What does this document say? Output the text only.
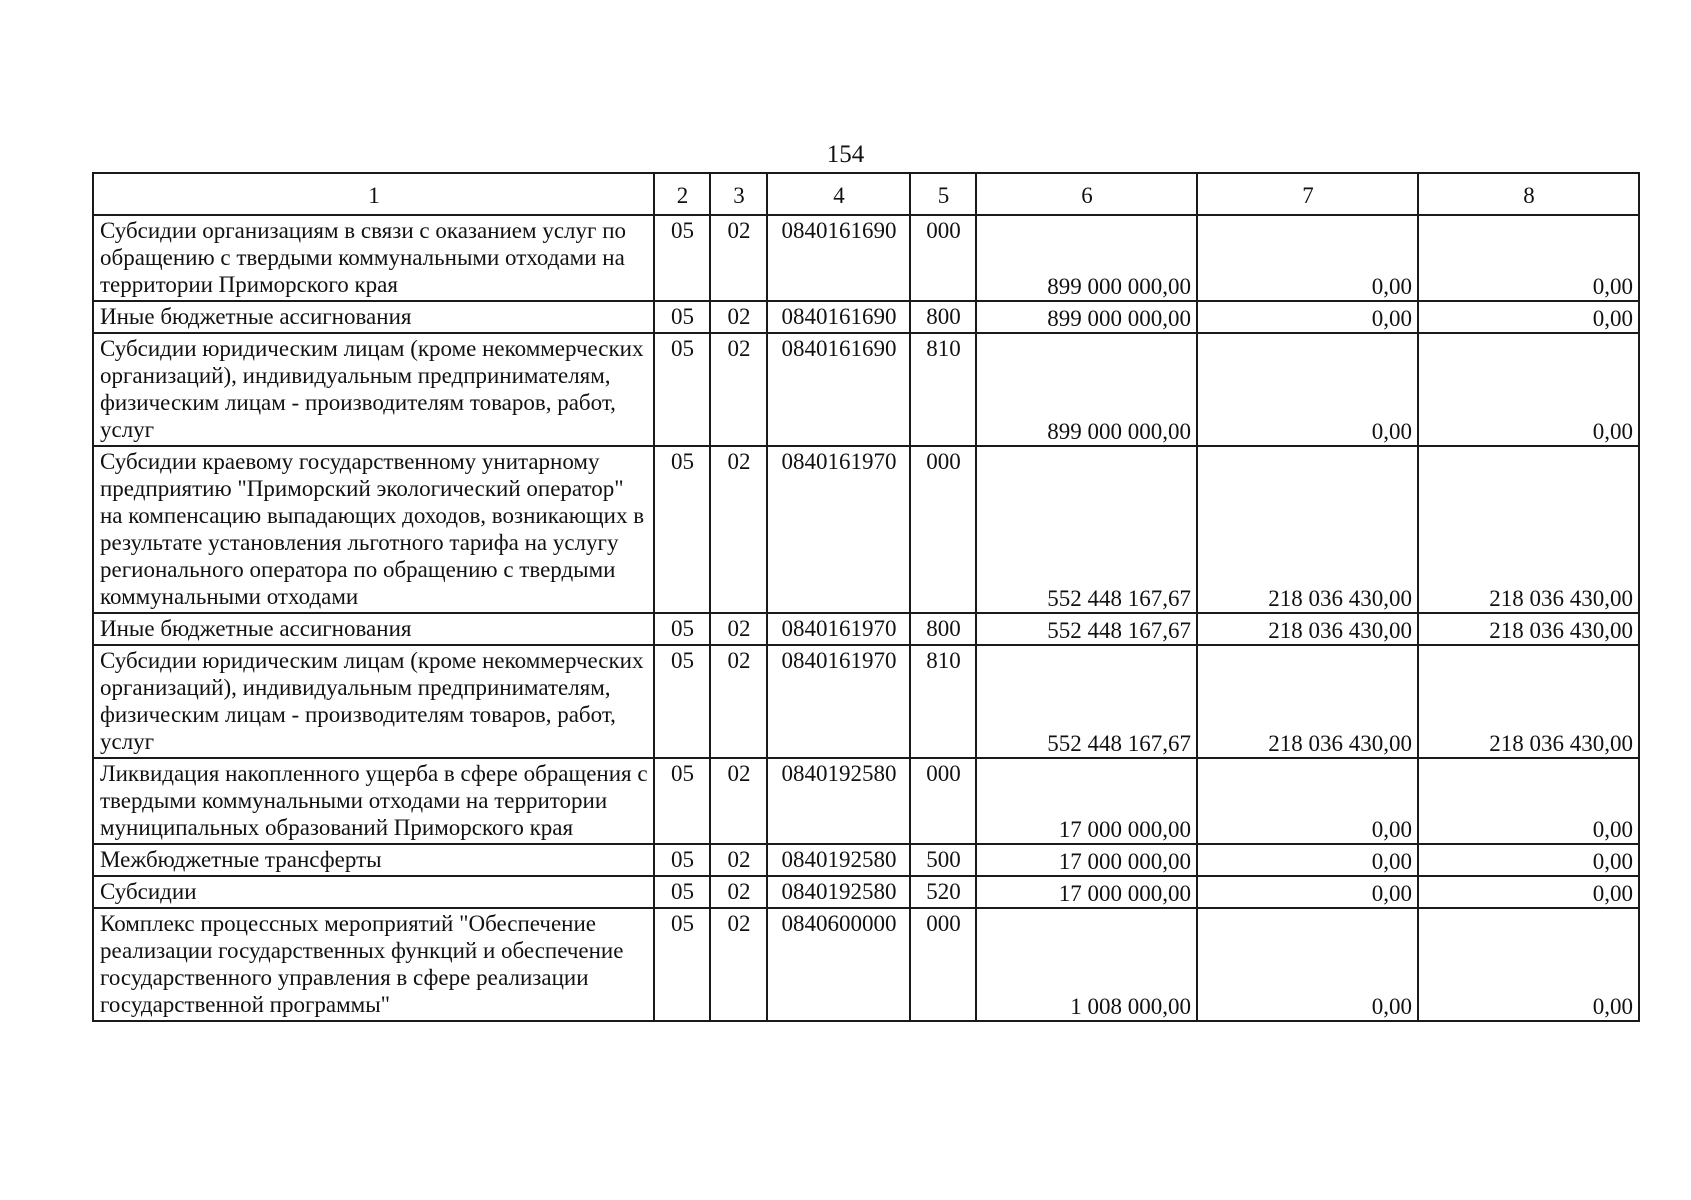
154
1	2	3	4	5	6	7	8
Субсидии организациям в связи с оказанием услуг по обращению с твердыми коммунальными отходами на территории Приморского края	05	02	0840161690	000	899 000 000,00	0,00	0,00
Иные бюджетные ассигнования	05	02	0840161690	800	899 000 000,00	0,00	0,00
Субсидии юридическим лицам (кроме некоммерческих организаций), индивидуальным предпринимателям, физическим лицам - производителям товаров, работ, услуг	05	02	0840161690	810	899 000 000,00	0,00	0,00
Субсидии краевому государственному унитарному предприятию "Приморский экологический оператор" на компенсацию выпадающих доходов, возникающих в результате установления льготного тарифа на услугу регионального оператора по обращению с твердыми коммунальными отходами	05	02	0840161970	000	552 448 167,67	218 036 430,00	218 036 430,00
Иные бюджетные ассигнования	05	02	0840161970	800	552 448 167,67	218 036 430,00	218 036 430,00
Субсидии юридическим лицам (кроме некоммерческих организаций), индивидуальным предпринимателям, физическим лицам - производителям товаров, работ, услуг	05	02	0840161970	810	552 448 167,67	218 036 430,00	218 036 430,00
Ликвидация накопленного ущерба в сфере обращения с твердыми коммунальными отходами на территории муниципальных образований Приморского края	05	02	0840192580	000	17 000 000,00	0,00	0,00
Межбюджетные трансферты	05	02	0840192580	500	17 000 000,00	0,00	0,00
Субсидии	05	02	0840192580	520	17 000 000,00	0,00	0,00
Комплекс процессных мероприятий "Обеспечение реализации государственных функций и обеспечение государственного управления в сфере реализации государственной программы"	05	02	0840600000	000	1 008 000,00	0,00	0,00
